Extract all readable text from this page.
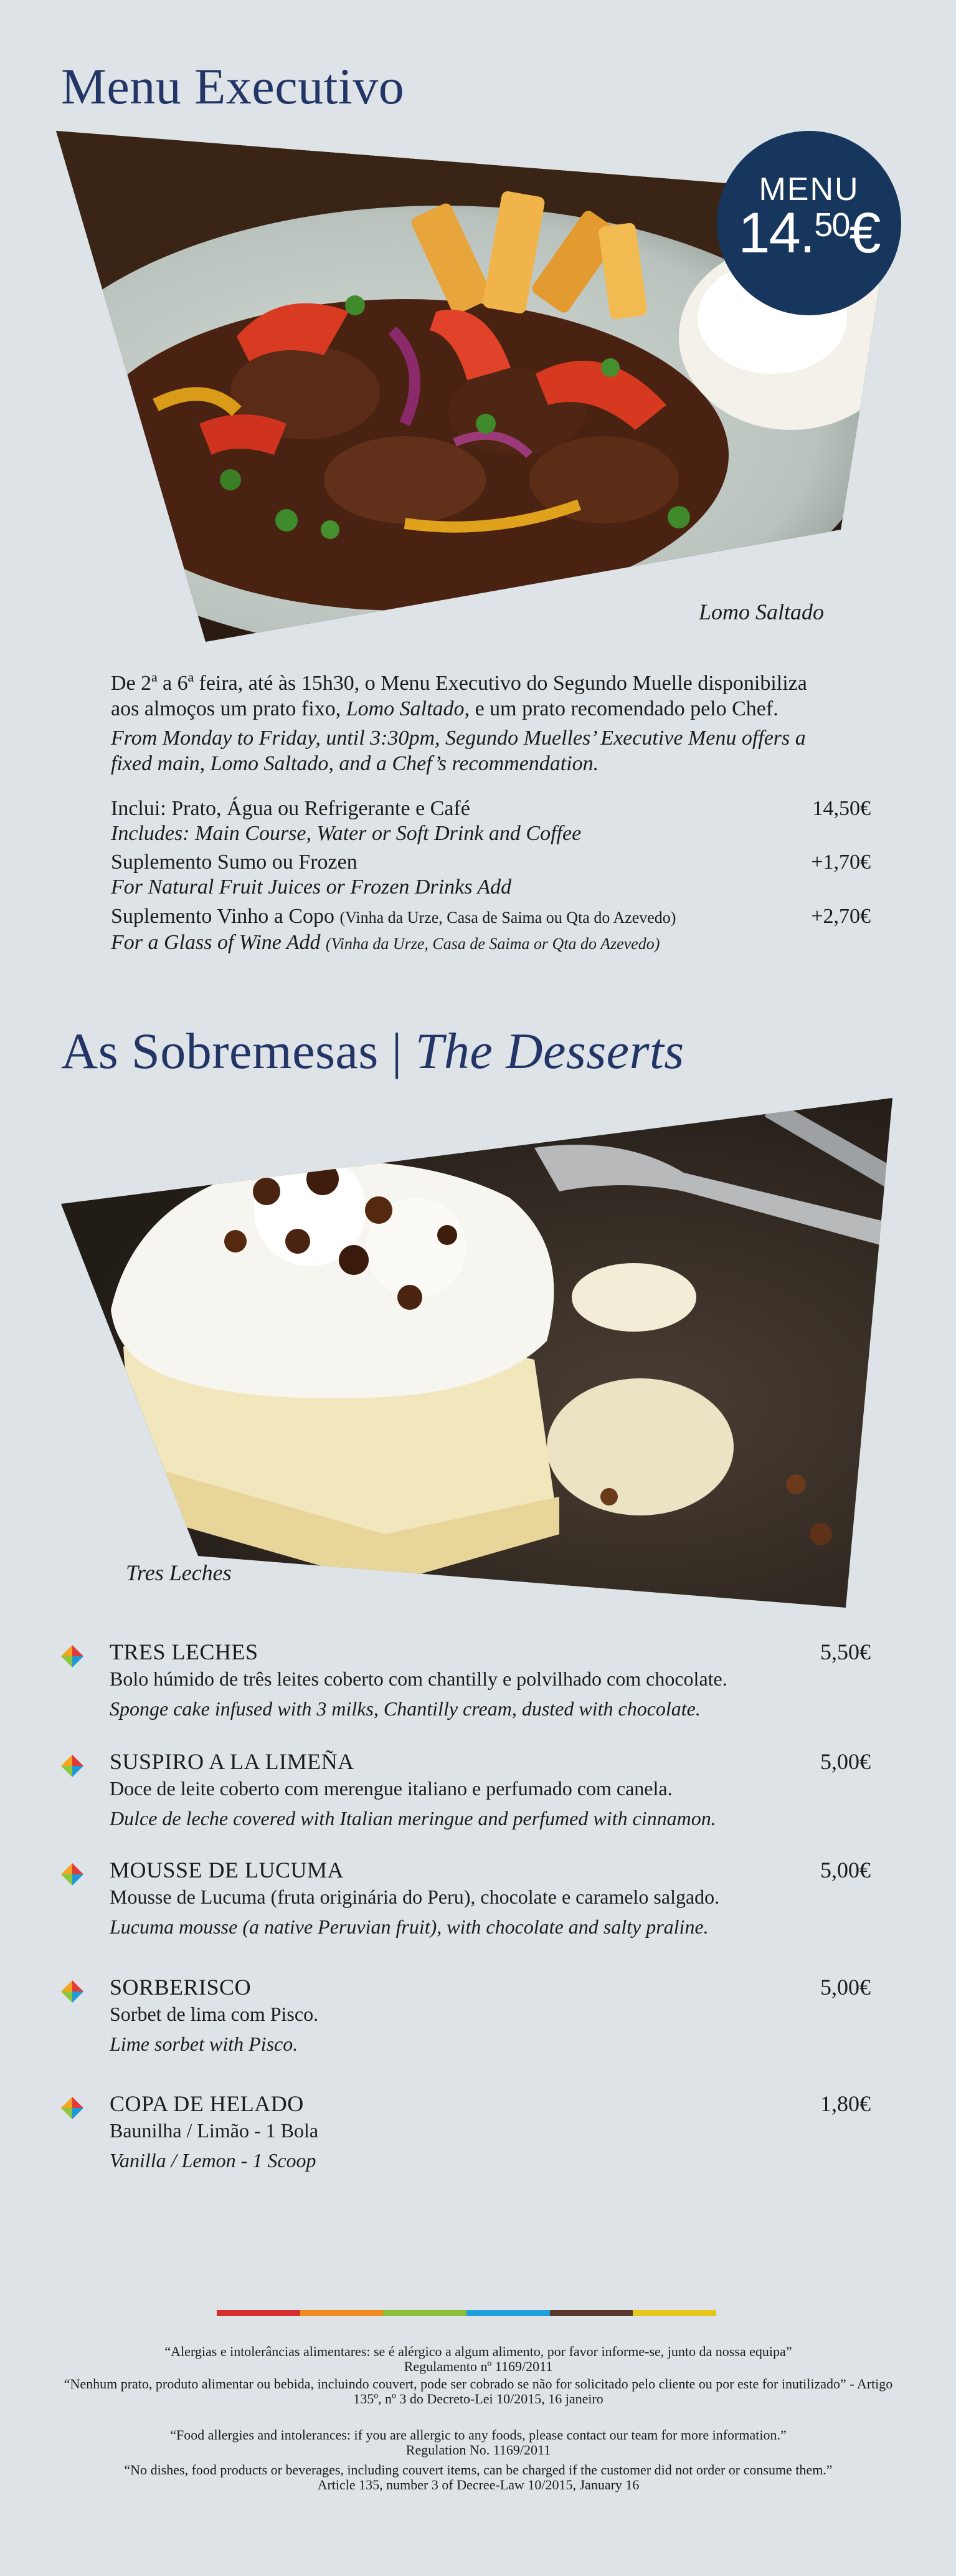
Menu Executivo
MENU
14.50€
Lomo Saltado

De 2ª a 6ª feira, até às 15h30, o Menu Executivo do Segundo Muelle disponibiliza
aos almoços um prato fixo, Lomo Saltado, e um prato recomendado pelo Chef.

From Monday to Friday, until 3:30pm, Segundo Muelles’ Executive Menu offers a
fixed main, Lomo Saltado, and a Chef’s recommendation.

Inclui: Prato, Água ou Refrigerante e Café
Includes: Main Course, Water or Soft Drink and Coffee
14,50€
Suplemento Sumo ou Frozen
For Natural Fruit Juices or Frozen Drinks Add
+1,70€
Suplemento Vinho a Copo (Vinha da Urze, Casa de Saima ou Qta do Azevedo)
For a Glass of Wine Add (Vinha da Urze, Casa de Saima or Qta do Azevedo)
+2,70€
As Sobremesas | The Desserts
Tres Leches
TRES LECHES
Bolo húmido de três leites coberto com chantilly e polvilhado com chocolate.
Sponge cake infused with 3 milks, Chantilly cream, dusted with chocolate.
5,50€
SUSPIRO A LA LIMEÑA
Doce de leite coberto com merengue italiano e perfumado com canela.
Dulce de leche covered with Italian meringue and perfumed with cinnamon.
5,00€
MOUSSE DE LUCUMA
Mousse de Lucuma (fruta originária do Peru), chocolate e caramelo salgado.
Lucuma mousse (a native Peruvian fruit), with chocolate and salty praline.
5,00€
SORBERISCO
Sorbet de lima com Pisco.
Lime sorbet with Pisco.
5,00€
COPA DE HELADO
Baunilha / Limão - 1 Bola
Vanilla / Lemon - 1 Scoop
1,80€

“Alergias e intolerâncias alimentares: se é alérgico a algum alimento, por favor informe-se, junto da nossa equipa”

Regulamento nº 1169/2011

“Nenhum prato, produto alimentar ou bebida, incluindo couvert, pode ser cobrado se não for solicitado pelo cliente ou por este for inutilizado” - Artigo 135º, nº 3 do Decreto-Lei 10/2015, 16 janeiro

“Food allergies and intolerances: if you are allergic to any foods, please contact our team for more information.”

Regulation No. 1169/2011

“No dishes, food products or beverages, including couvert items, can be charged if the customer did not order or consume them.”

Article 135, number 3 of Decree-Law 10/2015, January 16
